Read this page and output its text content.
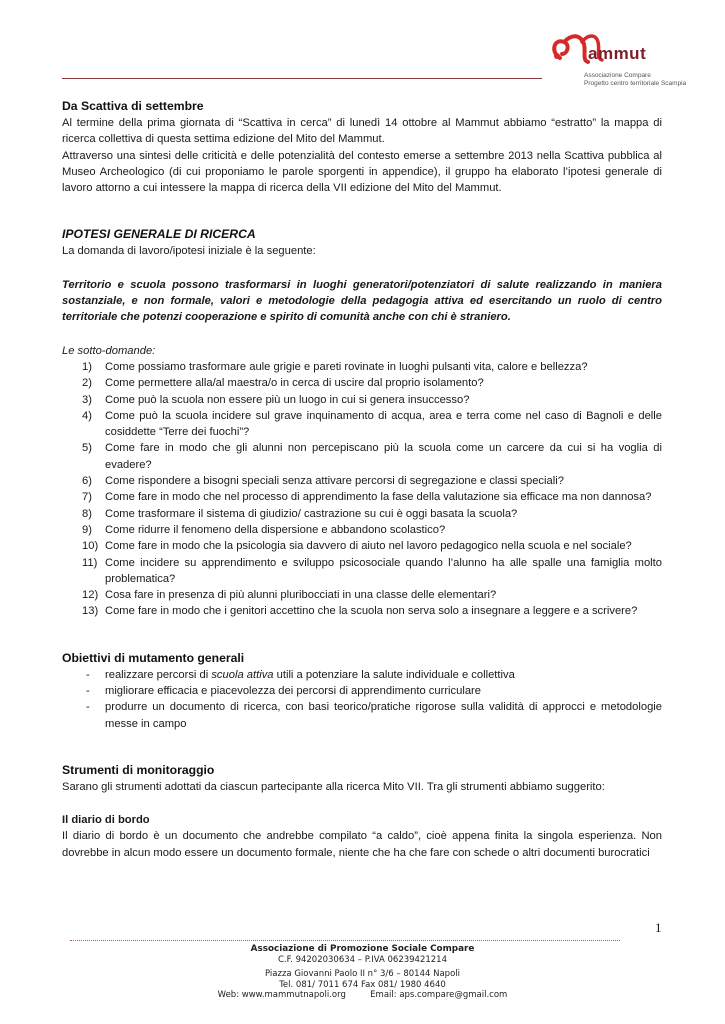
ammut
Associazione Compare
Progetto centro territoriale Scampia
Da Scattiva di settembre

Al termine della prima giornata di “Scattiva in cerca” di lunedì 14 ottobre al Mammut abbiamo “estratto” la mappa di ricerca collettiva di questa settima edizione del Mito del Mammut.

Attraverso una sintesi delle criticità e delle potenzialità del contesto emerse a settembre 2013 nella Scattiva pubblica al Museo Archeologico (di cui proponiamo le parole sporgenti in appendice), il gruppo ha elaborato l’ipotesi generale di lavoro attorno a cui intessere la mappa di ricerca della VII edizione del Mito del Mammut.

IPOTESI GENERALE DI RICERCA

La domanda di lavoro/ipotesi iniziale è la seguente:

Territorio e scuola possono trasformarsi in luoghi generatori/potenziatori di salute realizzando in maniera sostanziale, e non formale, valori e metodologie della pedagogia attiva ed esercitando un ruolo di centro territoriale che potenzi cooperazione e spirito di comunità anche con chi è straniero.

Le sotto-domande:

1)	Come possiamo trasformare aule grigie e pareti rovinate in luoghi pulsanti vita, calore e bellezza?
2)	Come permettere alla/al maestra/o in cerca di uscire dal proprio isolamento?
3)	Come può la scuola non essere più un luogo in cui si genera insuccesso?
4)	Come può la scuola incidere sul grave inquinamento di acqua, area e terra come nel caso di Bagnoli e delle cosiddette “Terre dei fuochi”?
5)	Come fare in modo che gli alunni non percepiscano più la scuola come un carcere da cui si ha voglia di evadere?
6)	Come rispondere a bisogni speciali senza attivare percorsi di segregazione e classi speciali?
7)	Come fare in modo che nel processo di apprendimento la fase della valutazione sia efficace ma non dannosa?
8)	Come trasformare il sistema di giudizio/ castrazione su cui è oggi basata la scuola?
9)	Come ridurre il fenomeno della dispersione e abbandono scolastico?
10) Come fare in modo che la psicologia sia davvero di aiuto nel lavoro pedagogico nella scuola e nel sociale?
11) Come incidere su apprendimento e sviluppo psicosociale quando l’alunno ha alle spalle una famiglia molto problematica?
12) Cosa fare in presenza di più alunni pluribocciati in una classe delle elementari?
13) Come fare in modo che i genitori accettino che la scuola non serva solo a insegnare a leggere e a scrivere?
Obiettivi di mutamento generali
- realizzare percorsi di scuola attiva utili a potenziare la salute individuale e collettiva
- migliorare efficacia e piacevolezza dei percorsi di apprendimento curriculare
- produrre un documento di ricerca, con basi teorico/pratiche rigorose sulla validità di approcci e metodologie messe in campo
Strumenti di monitoraggio

Sarano gli strumenti adottati da ciascun partecipante alla ricerca Mito VII. Tra gli strumenti abbiamo suggerito:

Il diario di bordo

Il diario di bordo è un documento che andrebbe compilato “a caldo”, cioè appena finita la singola esperienza. Non dovrebbe in alcun modo essere un documento formale, niente che ha che fare con schede o altri documenti burocratici

1
Associazione di Promozione Sociale Compare
C.F. 94202030634 – P.IVA 06239421214
Piazza Giovanni Paolo II n° 3/6 – 80144 Napoli
Tel. 081/ 7011 674 Fax 081/ 1980 4640
Web: www.mammutnapoli.org         Email: aps.compare@gmail.com
